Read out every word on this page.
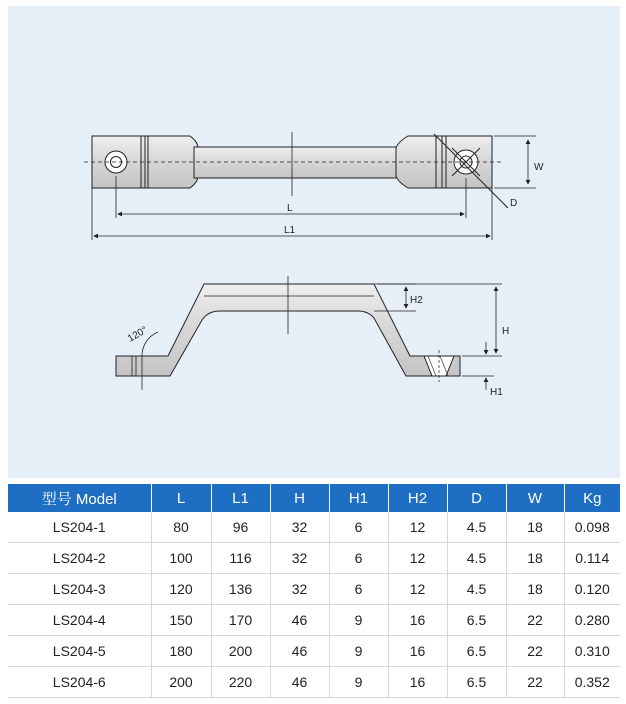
W
L
L1
D
H2
H
H1
120°
型号 Model	L	L1	H	H1	H2	D	W	Kg
LS204-1	80	96	32	6	12	4.5	18	0.098
LS204-2	100	116	32	6	12	4.5	18	0.114
LS204-3	120	136	32	6	12	4.5	18	0.120
LS204-4	150	170	46	9	16	6.5	22	0.280
LS204-5	180	200	46	9	16	6.5	22	0.310
LS204-6	200	220	46	9	16	6.5	22	0.352
